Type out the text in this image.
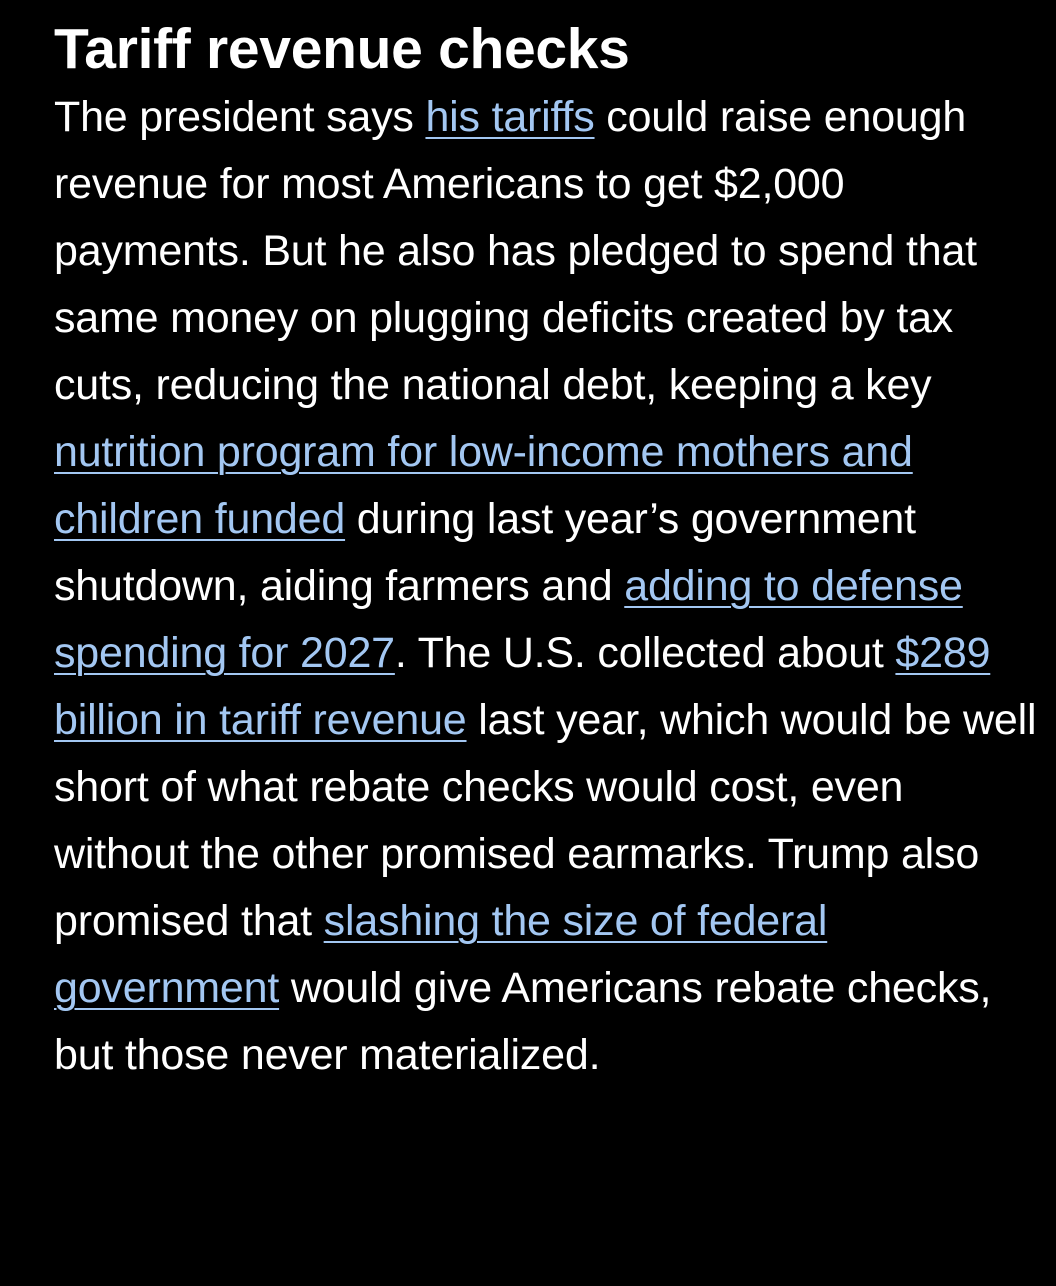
Tariff revenue checks

The president says his tariffs could raise enough revenue for most Americans to get $2,000 payments. But he also has pledged to spend that same money on plugging deficits created by tax cuts, reducing the national debt, keeping a key nutrition program for low-income mothers and children funded during last year’s government shutdown, aiding farmers and adding to defense spending for 2027. The U.S. collected about $289 billion in tariff revenue last year, which would be well short of what rebate checks would cost, even without the other promised earmarks. Trump also promised that slashing the size of federal government would give Americans rebate checks, but those never materialized.
